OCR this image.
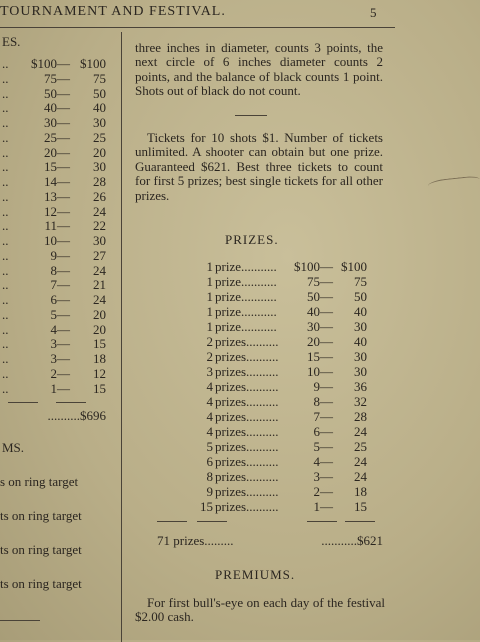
TOURNAMENT AND FESTIVAL.	5
ES.
.. $100— $100
..	75— 75
..	50— 50
..	40— 40
..	30— 30
..	25— 25
..	20— 20
..	15— 30
..	14— 28
..	13— 26
..	12— 24
..	11— 22
..	10— 30
..	9— 27
..	8— 24
..	7— 21
..	6— 24
..	5— 20
..	4— 20
..	3— 15
..	3— 18
..	2— 12
..	1— 15
..........$696
MS.
s on ring target
ts on ring target
ts on ring target
ts on ring target

three inches in diameter, counts 3 points, the next circle of 6 inches diameter counts 2 points, and the balance of black counts 1 point. Shots out of black do not count.

Tickets for 10 shots $1. Number of tickets unlimited. A shooter can obtain but one prize. Guaranteed $621. Best three tickets to count for first 5 prizes; best single tickets for all other prizes.

PRIZES.
1 prize........... $100— $100
1 prize........... 75— 75
1 prize........... 50— 50
1 prize........... 40— 40
1 prize........... 30— 30
2 prizes.......... 20— 40
2 prizes.......... 15— 30
3 prizes.......... 10— 30
4 prizes..........	9— 36
4 prizes..........	8— 32
4 prizes..........	7— 28
4 prizes..........	6— 24
5 prizes..........	5— 25
6 prizes..........	4— 24
8 prizes..........	3— 24
9 prizes..........	2— 18
15 prizes..........	1— 15
71 prizes.........	...........$621
PREMIUMS.

For first bull's-eye on each day of the festival $2.00 cash.
